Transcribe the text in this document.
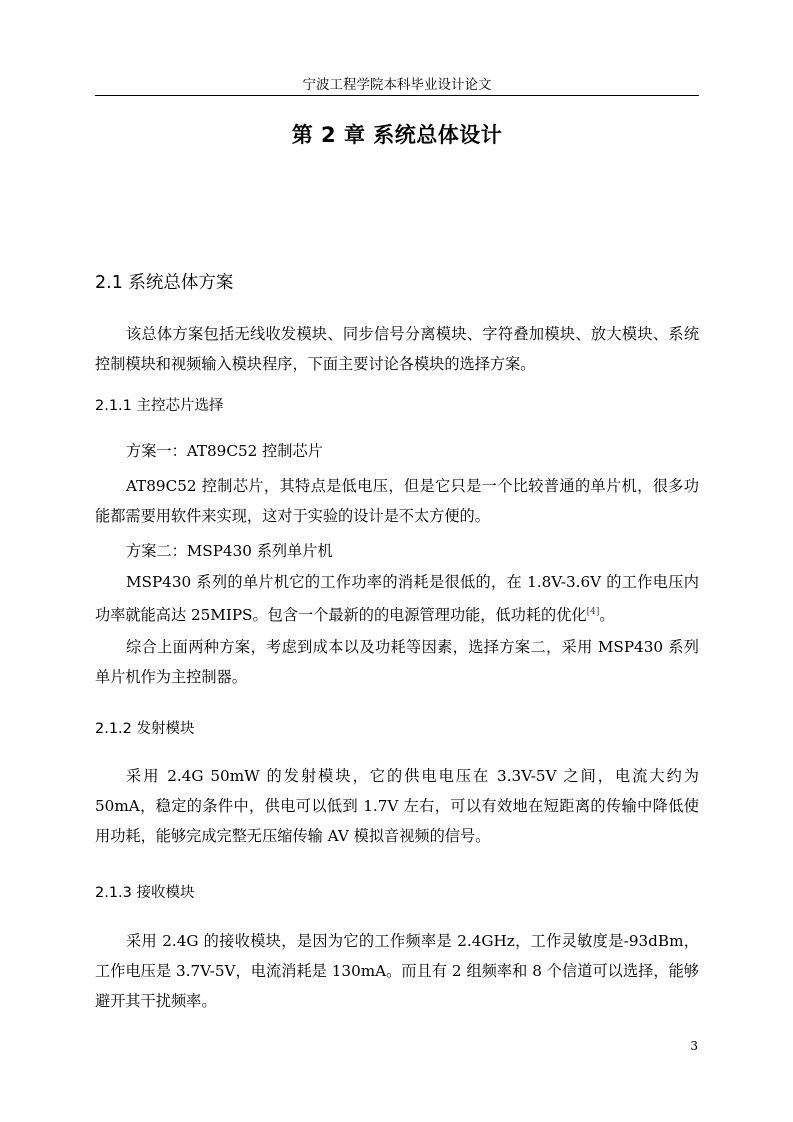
宁波工程学院本科毕业设计论文
第 2 章 系统总体设计
2.1 系统总体方案

该总体方案包括无线收发模块、同步信号分离模块、字符叠加模块、放大模块、系统控制模块和视频输入模块程序，下面主要讨论各模块的选择方案。

2.1.1 主控芯片选择

方案一：AT89C52 控制芯片

AT89C52 控制芯片，其特点是低电压，但是它只是一个比较普通的单片机，很多功能都需要用软件来实现，这对于实验的设计是不太方便的。

方案二：MSP430 系列单片机

MSP430 系列的单片机它的工作功率的消耗是很低的，在 1.8V-3.6V 的工作电压内功率就能高达 25MIPS。包含一个最新的的电源管理功能，低功耗的优化[4]。

综合上面两种方案，考虑到成本以及功耗等因素，选择方案二，采用 MSP430 系列单片机作为主控制器。

2.1.2 发射模块

采用 2.4G 50mW 的发射模块，它的供电电压在 3.3V-5V 之间，电流大约为 50mA，稳定的条件中，供电可以低到 1.7V 左右，可以有效地在短距离的传输中降低使用功耗，能够完成完整无压缩传输 AV 模拟音视频的信号。

2.1.3 接收模块

采用 2.4G 的接收模块，是因为它的工作频率是 2.4GHz，工作灵敏度是-93dBm，工作电压是 3.7V-5V，电流消耗是 130mA。而且有 2 组频率和 8 个信道可以选择，能够避开其干扰频率。

3
